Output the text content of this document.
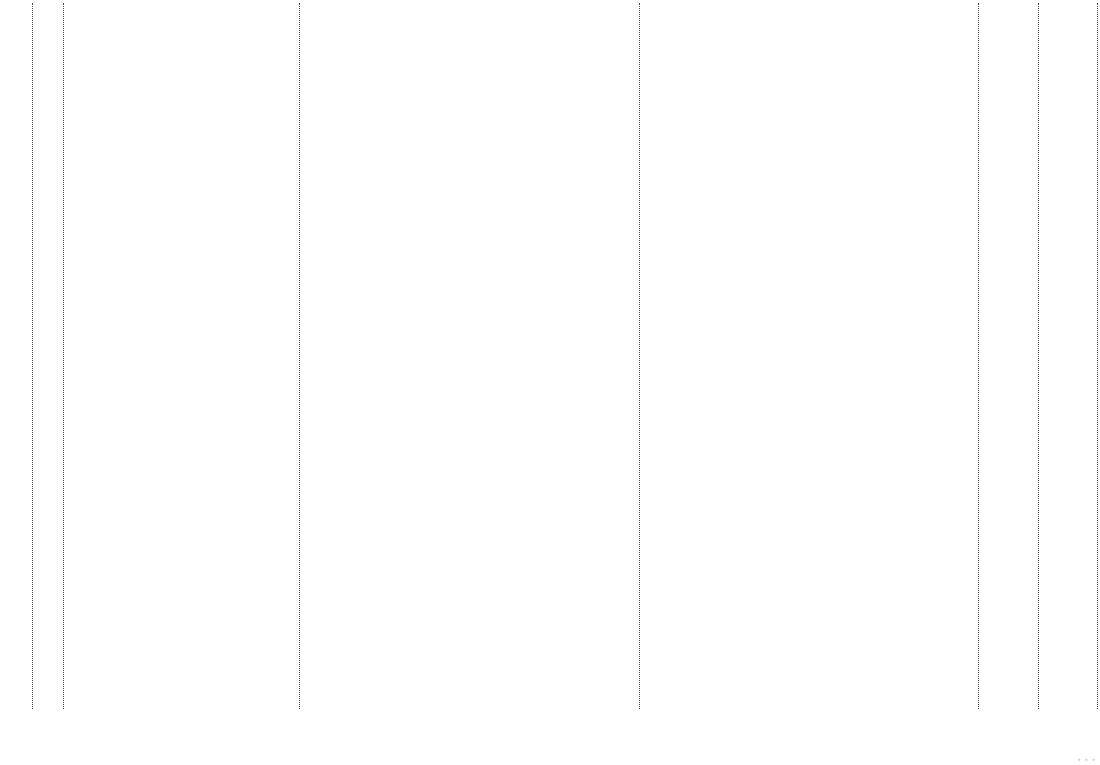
• • •
